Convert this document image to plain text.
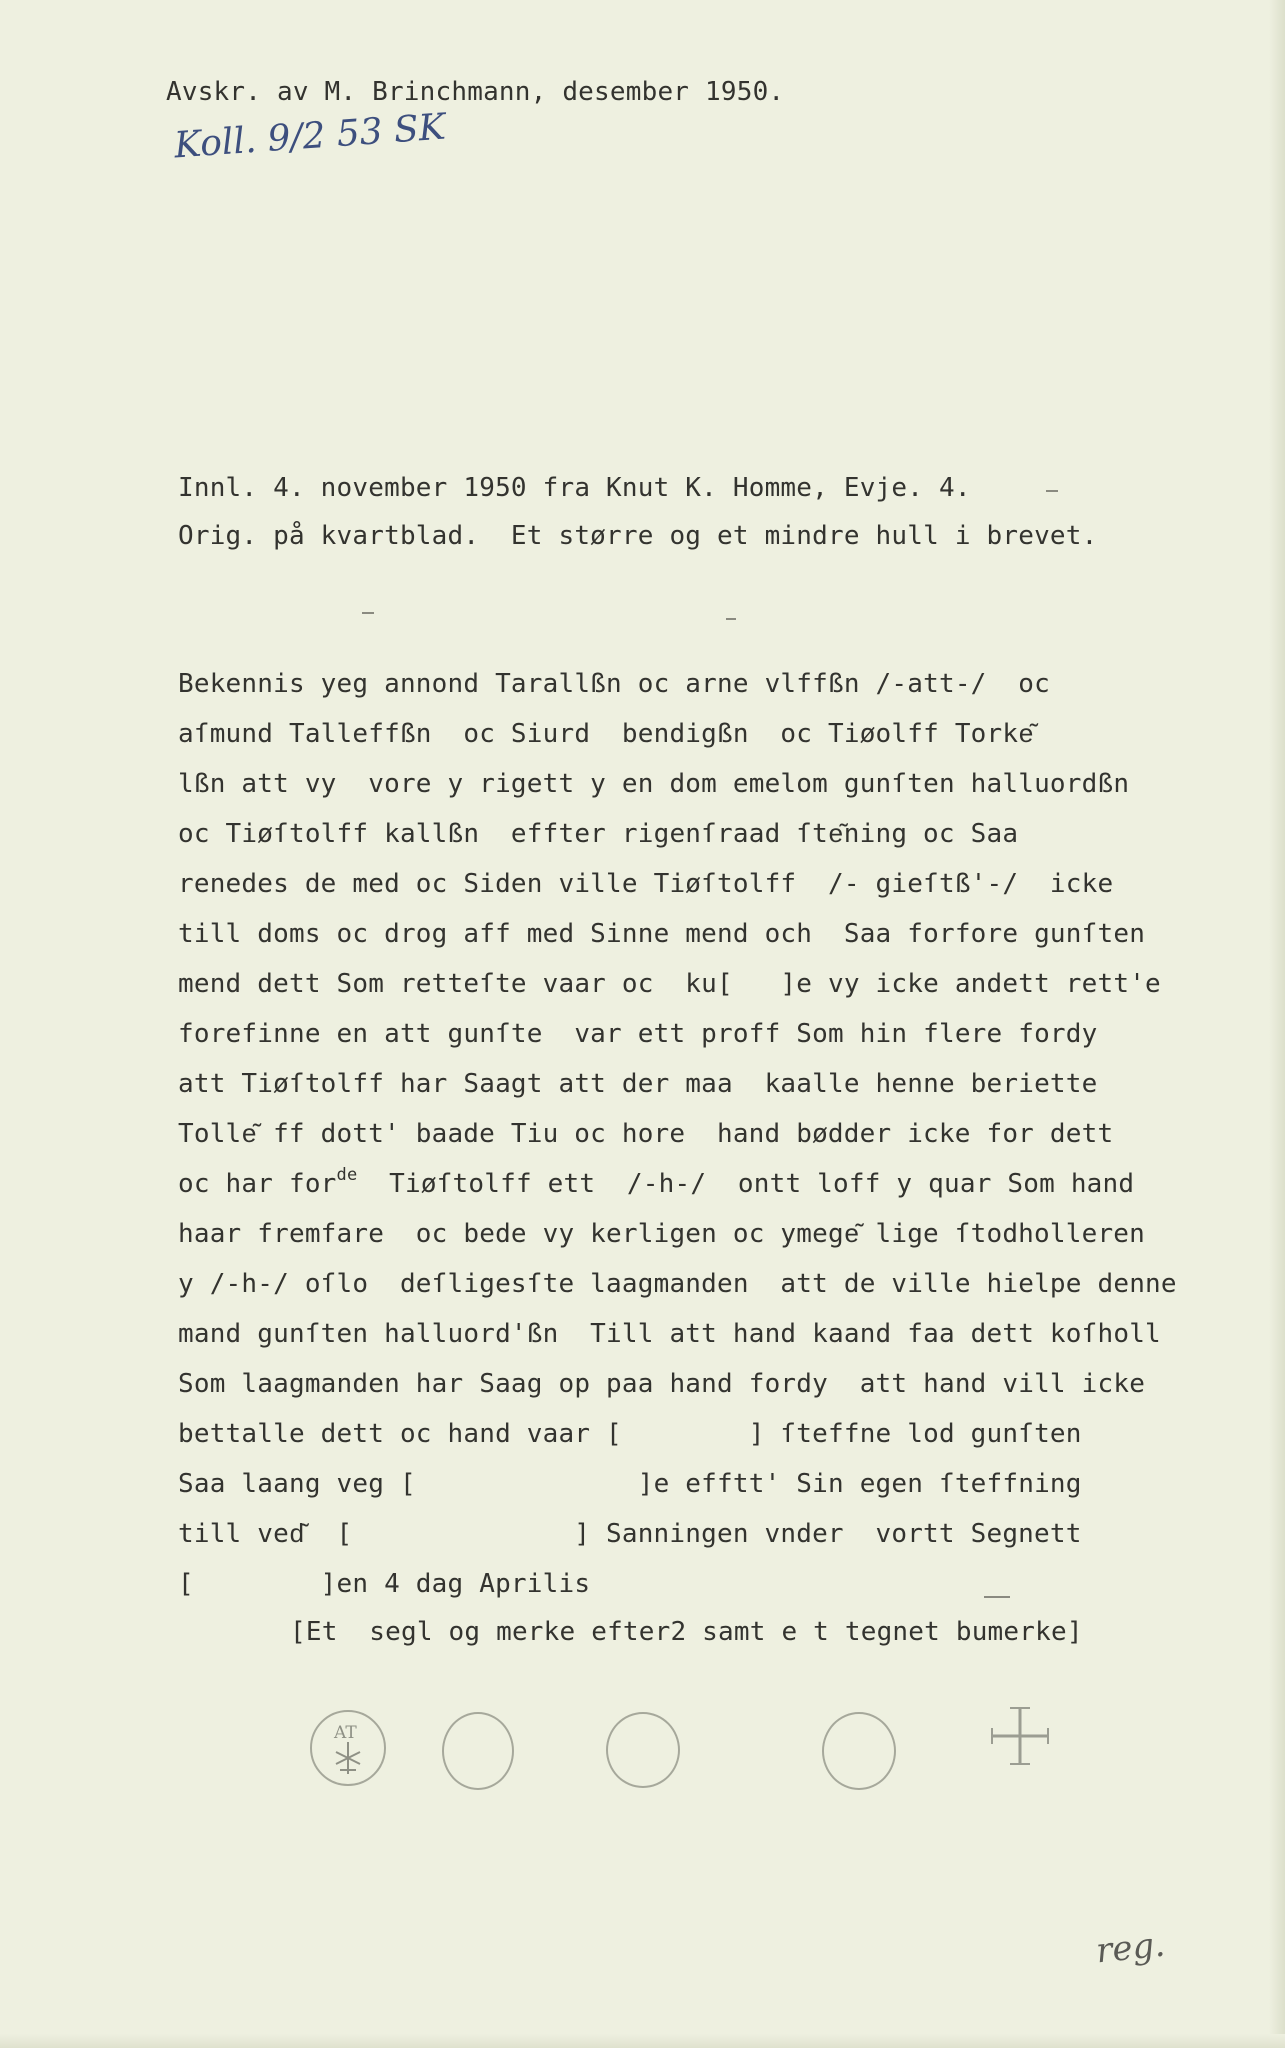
Avskr. av M. Brinchmann, desember 1950.
Koll. 9/2 53 SK
Innl. 4. november 1950 fra Knut K. Homme, Evje. 4.
Orig. på kvartblad.  Et større og et mindre hull i brevet.
Bekennis yeg annond Tarallßn oc arne vlffßn /-att-/  oc
aſmund Talleffßn  oc Siurd  bendigßn  oc Tiøolff Torke͂
lßn att vy  vore y rigett y en dom emelom gunſten halluordßn
oc Tiøſtolff kallßn  effter rigenſraad ſte͂ning oc Saa
renedes de med oc Siden ville Tiøſtolff  /- gieſtß'-/  icke
till doms oc drog aff med Sinne mend och  Saa forfore gunſten
mend dett Som retteſte vaar oc  ku[   ]e vy icke andett rett'e
forefinne en att gunſte  var ett proff Som hin flere fordy
att Tiøſtolff har Saagt att der maa  kaalle henne beriette
Tolle͂ ff dott' baade Tiu oc hore  hand bødder icke for dett
oc har for$^{de}$  Tiøſtolff ett  /-h-/  ontt loff y quar Som hand
haar fremfare  oc bede vy kerligen oc ymege͂ lige ſtodholleren
y /-h-/ oſlo  deſligesſte laagmanden  att de ville hielpe denne
mand gunſten halluord'ßn  Till att hand kaand faa dett koſholl
Som laagmanden har Saag op paa hand fordy  att hand vill icke
bettalle dett oc hand vaar [        ] ſteffne lod gunſten
Saa laang veg [              ]e efftt' Sin egen ſteffning
till ved͂  [              ] Sanningen vnder  vortt Segnett
[        ]en 4 dag Aprilis
[Et  segl og merke efter2 samt e t tegnet bumerke]
AT
reg.
